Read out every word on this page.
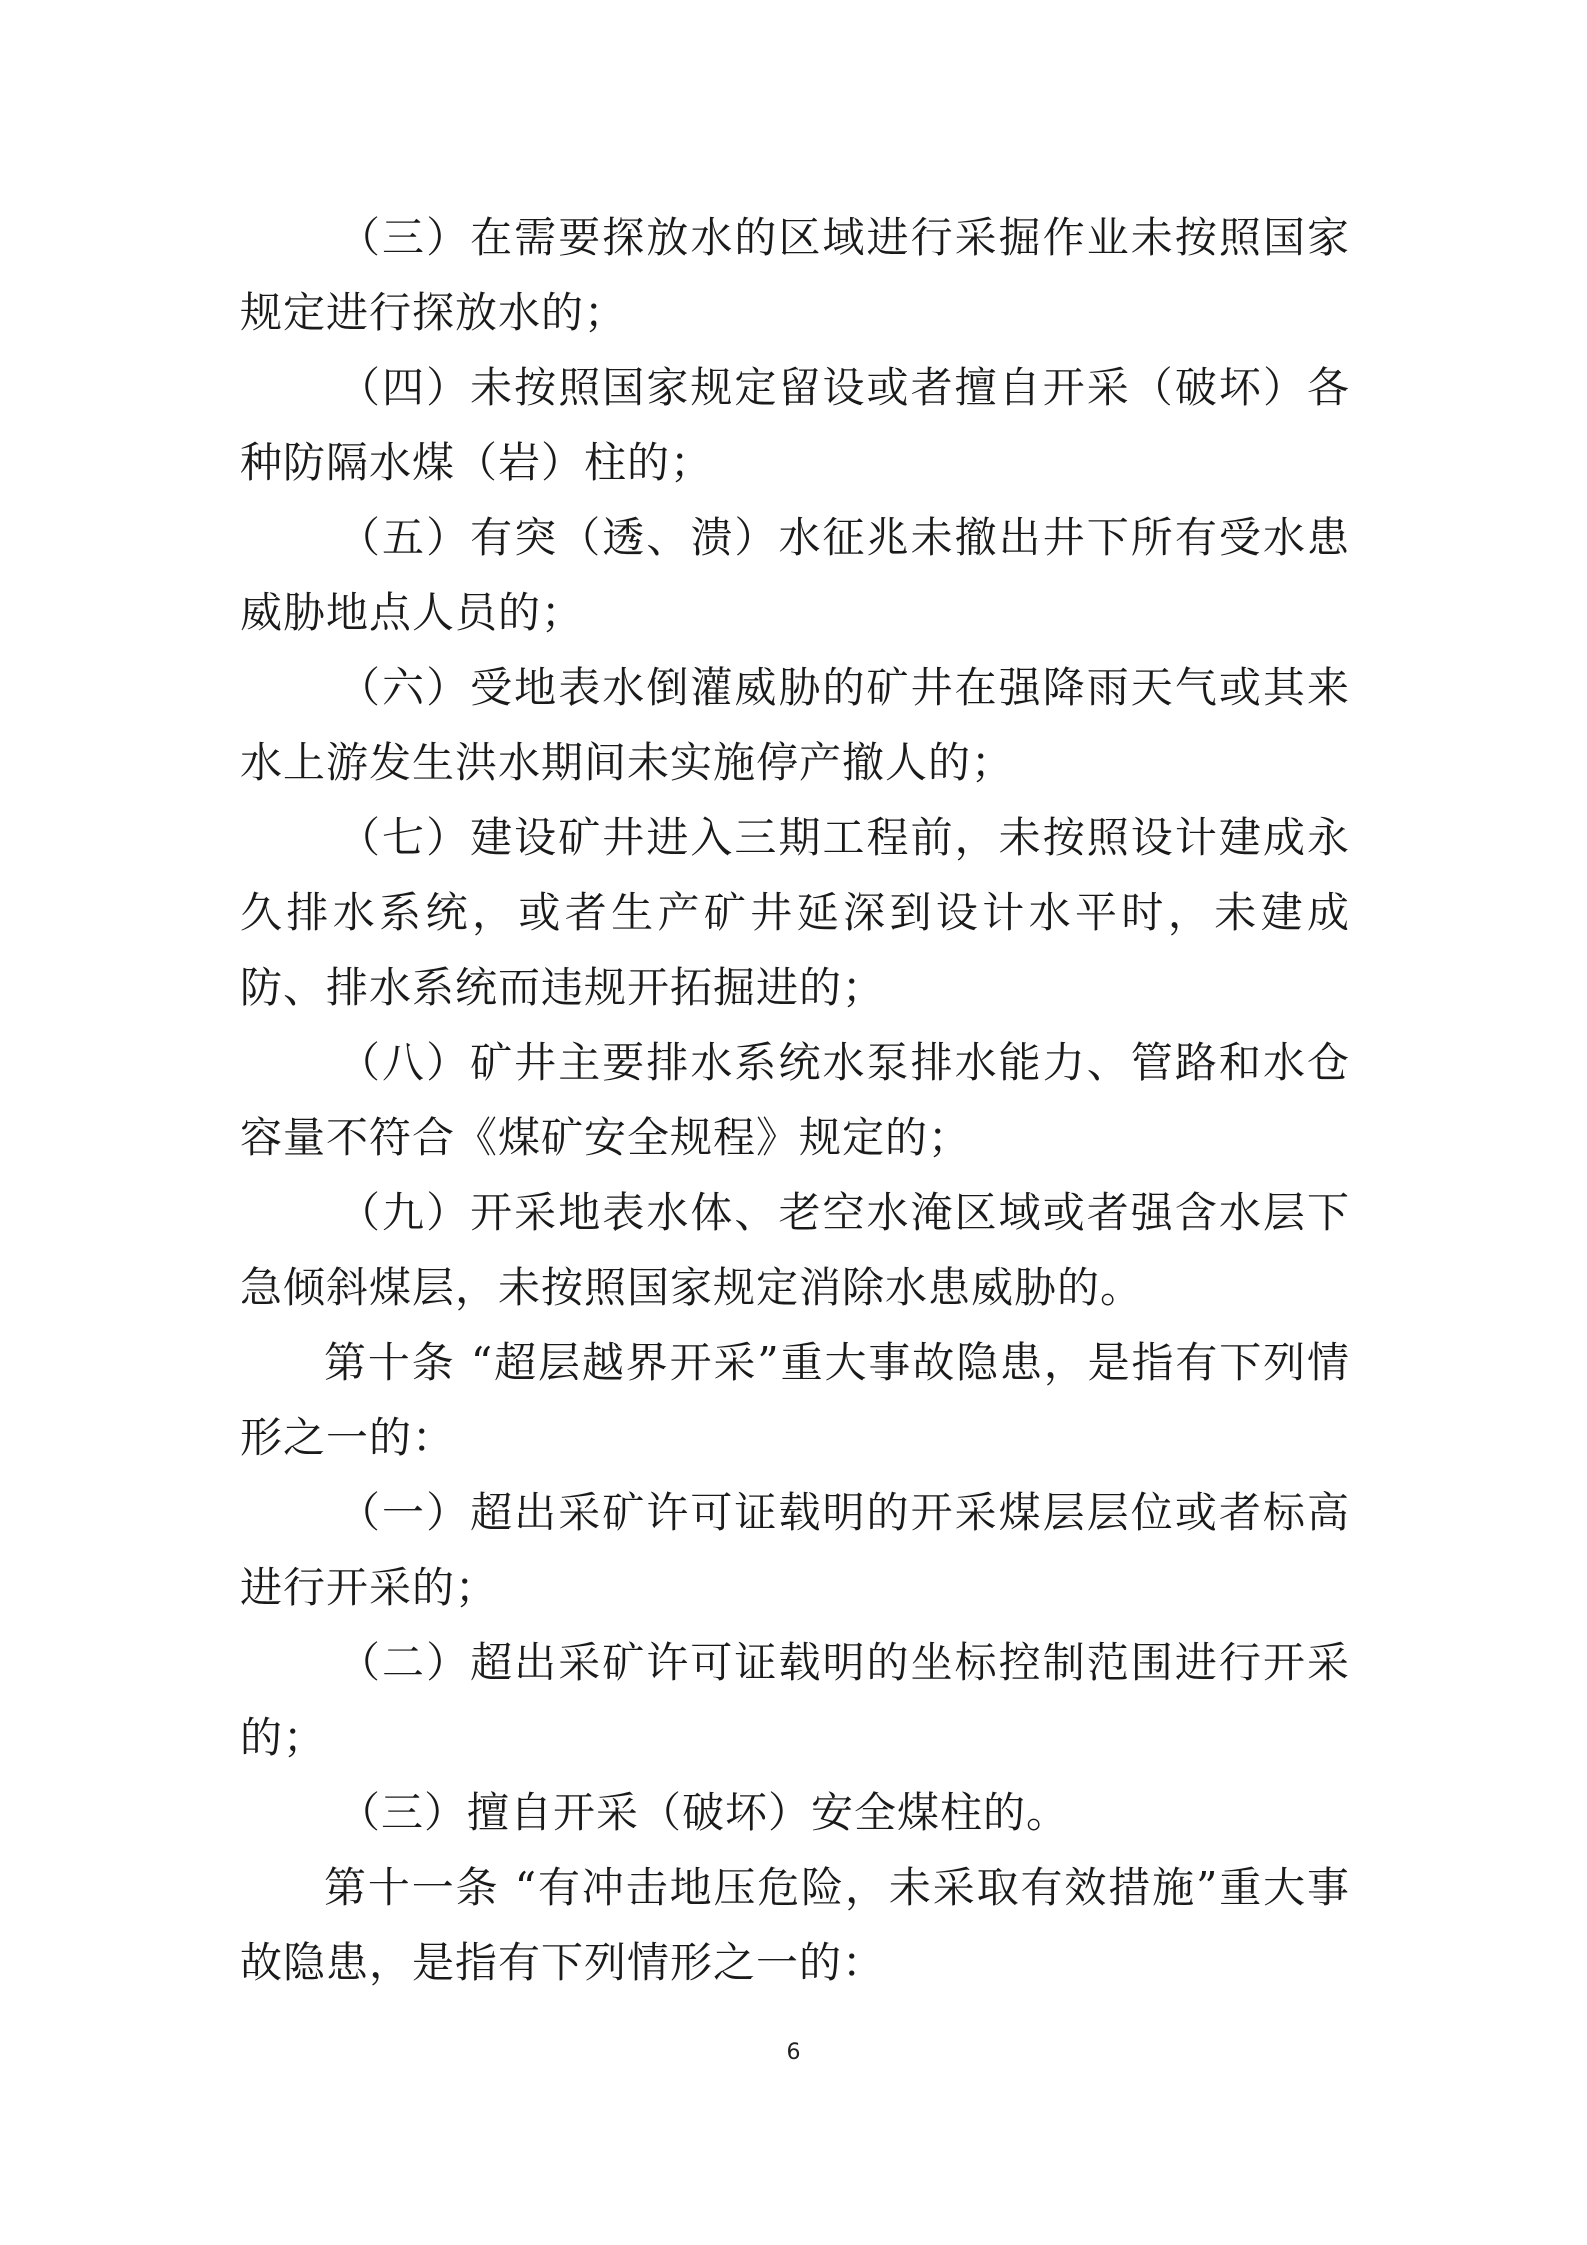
（三）在需要探放水的区域进行采掘作业未按照国家规定进行探放水的；

（四）未按照国家规定留设或者擅自开采（破坏）各种防隔水煤（岩）柱的；

（五）有突（透、溃）水征兆未撤出井下所有受水患威胁地点人员的；

（六）受地表水倒灌威胁的矿井在强降雨天气或其来水上游发生洪水期间未实施停产撤人的；

（七）建设矿井进入三期工程前，未按照设计建成永久排水系统，或者生产矿井延深到设计水平时，未建成防、排水系统而违规开拓掘进的；

（八）矿井主要排水系统水泵排水能力、管路和水仓容量不符合《煤矿安全规程》规定的；

（九）开采地表水体、老空水淹区域或者强含水层下急倾斜煤层，未按照国家规定消除水患威胁的。

第十条 “超层越界开采”重大事故隐患，是指有下列情形之一的：

（一）超出采矿许可证载明的开采煤层层位或者标高进行开采的；

（二）超出采矿许可证载明的坐标控制范围进行开采的；

（三）擅自开采（破坏）安全煤柱的。

第十一条 “有冲击地压危险，未采取有效措施”重大事故隐患，是指有下列情形之一的：

6
